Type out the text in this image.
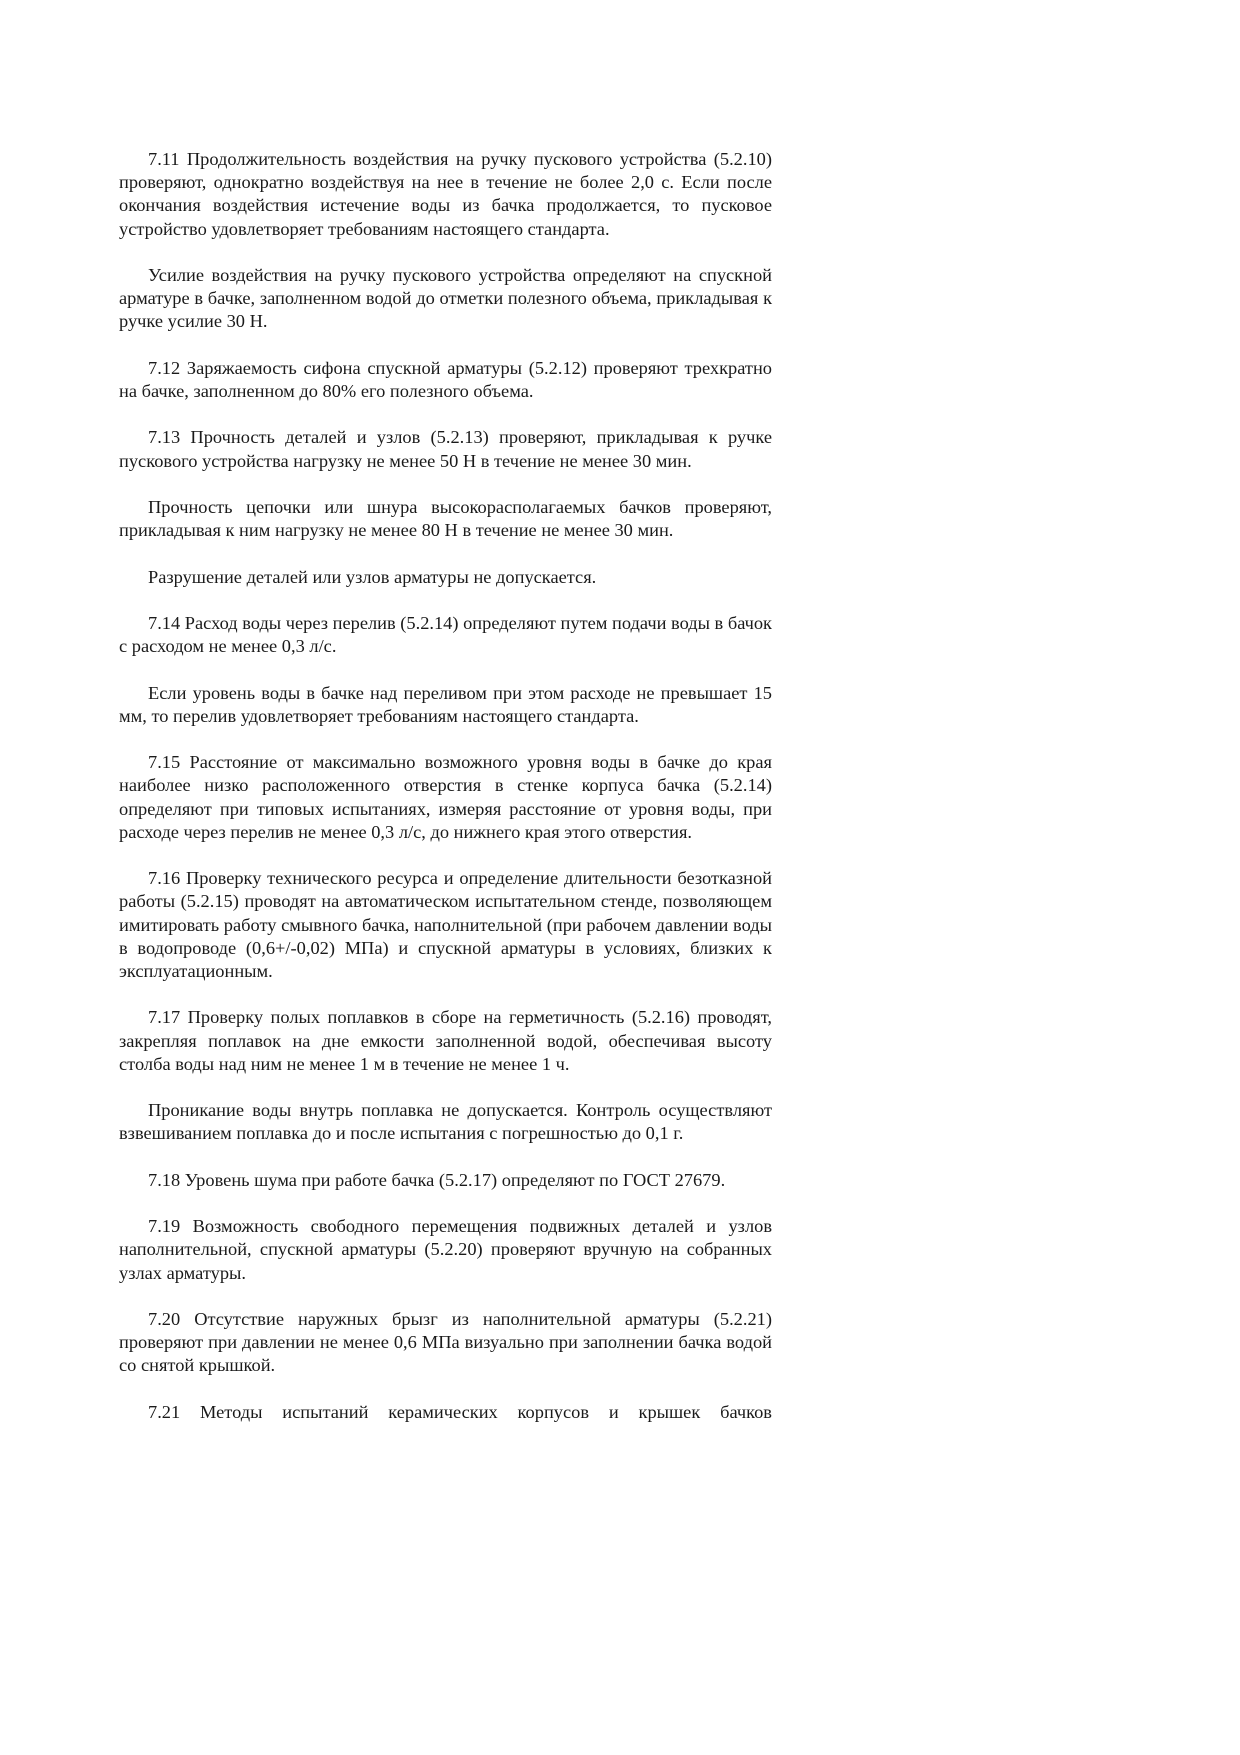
7.11 Продолжительность воздействия на ручку пускового устройства (5.2.10) проверяют, однократно воздействуя на нее в течение не более 2,0 с. Если после окончания воздействия истечение воды из бачка продолжается, то пусковое устройство удовлетворяет требованиям настоящего стандарта.

Усилие воздействия на ручку пускового устройства определяют на спускной арматуре в бачке, заполненном водой до отметки полезного объема, прикладывая к ручке усилие 30 Н.

7.12 Заряжаемость сифона спускной арматуры (5.2.12) проверяют трехкратно на бачке, заполненном до 80% его полезного объема.

7.13 Прочность деталей и узлов (5.2.13) проверяют, прикладывая к ручке пускового устройства нагрузку не менее 50 Н в течение не менее 30 мин.

Прочность цепочки или шнура высокорасполагаемых бачков проверяют, прикладывая к ним нагрузку не менее 80 Н в течение не менее 30 мин.

Разрушение деталей или узлов арматуры не допускается.

7.14 Расход воды через перелив (5.2.14) определяют путем подачи воды в бачок с расходом не менее 0,3 л/с.

Если уровень воды в бачке над переливом при этом расходе не превышает 15 мм, то перелив удовлетворяет требованиям настоящего стандарта.

7.15 Расстояние от максимально возможного уровня воды в бачке до края наиболее низко расположенного отверстия в стенке корпуса бачка (5.2.14) определяют при типовых испытаниях, измеряя расстояние от уровня воды, при расходе через перелив не менее 0,3 л/с, до нижнего края этого отверстия.

7.16 Проверку технического ресурса и определение длительности безотказной работы (5.2.15) проводят на автоматическом испытательном стенде, позволяющем имитировать работу смывного бачка, наполнительной (при рабочем давлении воды в водопроводе (0,6+/-0,02) МПа) и спускной арматуры в условиях, близких к эксплуатационным.

7.17 Проверку полых поплавков в сборе на герметичность (5.2.16) проводят, закрепляя поплавок на дне емкости заполненной водой, обеспечивая высоту столба воды над ним не менее 1 м в течение не менее 1 ч.

Проникание воды внутрь поплавка не допускается. Контроль осуществляют взвешиванием поплавка до и после испытания с погрешностью до 0,1 г.

7.18 Уровень шума при работе бачка (5.2.17) определяют по ГОСТ 27679.

7.19 Возможность свободного перемещения подвижных деталей и узлов наполнительной, спускной арматуры (5.2.20) проверяют вручную на собранных узлах арматуры.

7.20 Отсутствие наружных брызг из наполнительной арматуры (5.2.21) проверяют при давлении не менее 0,6 МПа визуально при заполнении бачка водой со снятой крышкой.

7.21 Методы испытаний керамических корпусов и крышек бачков
